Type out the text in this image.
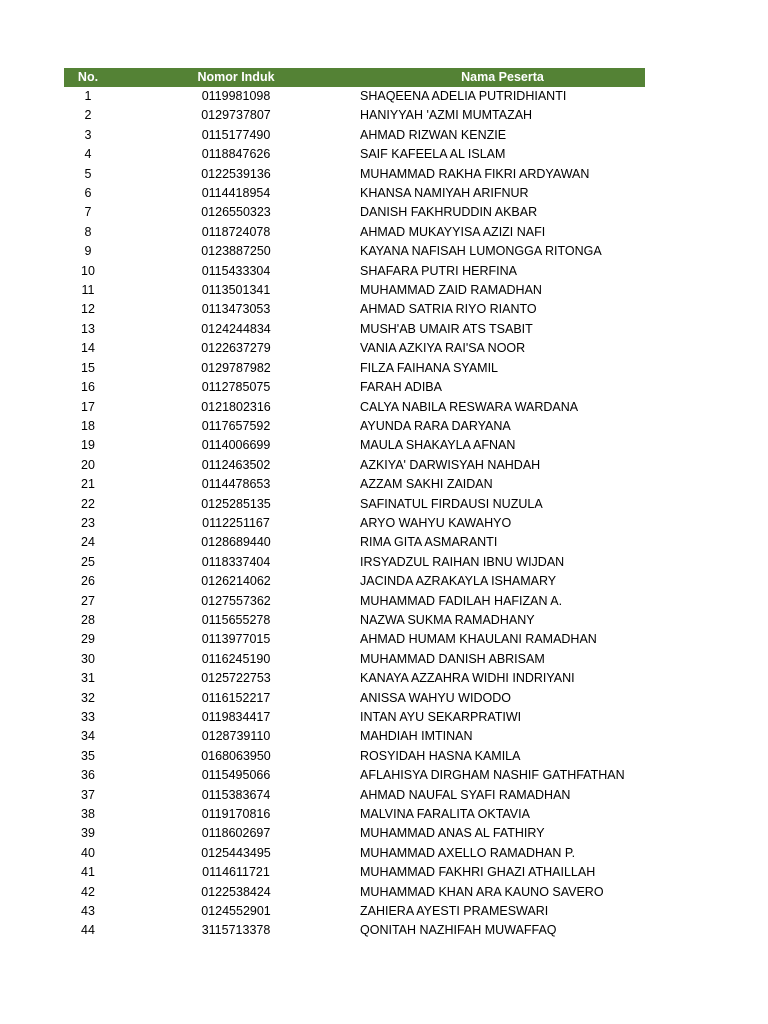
No.	Nomor Induk	Nama Peserta
1	0119981098	SHAQEENA ADELIA PUTRIDHIANTI
2	0129737807	HANIYYAH 'AZMI MUMTAZAH
3	0115177490	AHMAD RIZWAN KENZIE
4	0118847626	SAIF KAFEELA AL ISLAM
5	0122539136	MUHAMMAD RAKHA FIKRI ARDYAWAN
6	0114418954	KHANSA NAMIYAH ARIFNUR
7	0126550323	DANISH FAKHRUDDIN AKBAR
8	0118724078	AHMAD MUKAYYISA AZIZI NAFI
9	0123887250	KAYANA NAFISAH LUMONGGA RITONGA
10	0115433304	SHAFARA PUTRI HERFINA
11	0113501341	MUHAMMAD ZAID RAMADHAN
12	0113473053	AHMAD SATRIA RIYO RIANTO
13	0124244834	MUSH'AB UMAIR ATS TSABIT
14	0122637279	VANIA AZKIYA RAI'SA NOOR
15	0129787982	FILZA FAIHANA SYAMIL
16	0112785075	FARAH ADIBA
17	0121802316	CALYA NABILA RESWARA WARDANA
18	0117657592	AYUNDA RARA DARYANA
19	0114006699	MAULA SHAKAYLA AFNAN
20	0112463502	AZKIYA' DARWISYAH NAHDAH
21	0114478653	AZZAM SAKHI ZAIDAN
22	0125285135	SAFINATUL FIRDAUSI NUZULA
23	0112251167	ARYO WAHYU KAWAHYO
24	0128689440	RIMA GITA ASMARANTI
25	0118337404	IRSYADZUL RAIHAN IBNU WIJDAN
26	0126214062	JACINDA AZRAKAYLA ISHAMARY
27	0127557362	MUHAMMAD FADILAH HAFIZAN A.
28	0115655278	NAZWA SUKMA RAMADHANY
29	0113977015	AHMAD HUMAM KHAULANI RAMADHAN
30	0116245190	MUHAMMAD DANISH ABRISAM
31	0125722753	KANAYA AZZAHRA WIDHI INDRIYANI
32	0116152217	ANISSA WAHYU WIDODO
33	0119834417	INTAN AYU SEKARPRATIWI
34	0128739110	MAHDIAH IMTINAN
35	0168063950	ROSYIDAH HASNA KAMILA
36	0115495066	AFLAHISYA DIRGHAM NASHIF GATHFATHAN
37	0115383674	AHMAD NAUFAL SYAFI RAMADHAN
38	0119170816	MALVINA FARALITA OKTAVIA
39	0118602697	MUHAMMAD ANAS AL FATHIRY
40	0125443495	MUHAMMAD AXELLO RAMADHAN P.
41	0114611721	MUHAMMAD FAKHRI GHAZI ATHAILLAH
42	0122538424	MUHAMMAD KHAN ARA KAUNO SAVERO
43	0124552901	ZAHIERA AYESTI PRAMESWARI
44	3115713378	QONITAH NAZHIFAH MUWAFFAQ
